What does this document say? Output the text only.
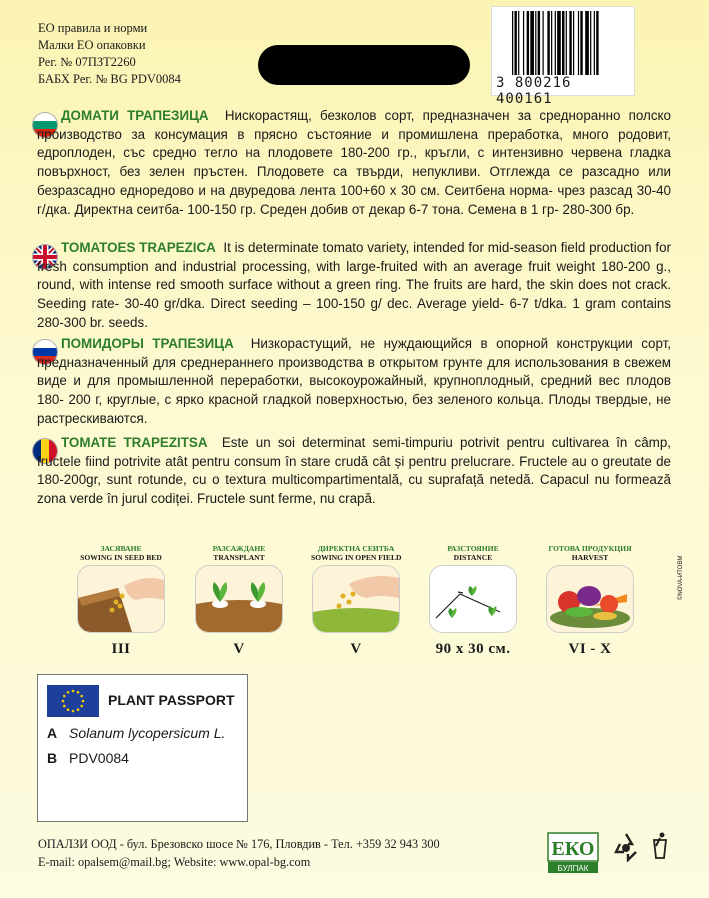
ЕО правила и норми
Малки ЕО опаковки
Рег. № 07ПЗТ2260
БАБХ Рег. № BG PDV0084	3 800216 400161
ДОМАТИ ТРАПЕЗИЦА Нискорастящ, безколов сорт, предназначен за средноранно полско производство за консумация в прясно състояние и промишлена преработка, много родовит, едроплоден, със средно тегло на плодовете 180-200 гр., кръгли, с интензивно червена гладка повърхност, без зелен пръстен. Плодовете са твърди, непукливи. Отглежда се разсадно или безразсадно едноредово и на двуредова лента 100+60 х 30 см. Сеитбена норма- чрез разсад 30-40 г/дка. Директна сеитба- 100-150 гр. Среден добив от декар 6-7 тона. Семена в 1 гр- 280-300 бр.
TOMATOES TRAPEZICA It is determinate tomato variety, intended for mid-season field production for fresh consumption and industrial processing, with large-fruited with an average fruit weight 180-200 g., round, with intense red smooth surface without a green ring. The fruits are hard, the skin does not crack. Seeding rate- 30-40 gr/dka. Direct seeding – 100-150 g/ dec. Average yield- 6-7 t/dka. 1 gram contains 280-300 br. seeds.
ПОМИДОРЫ ТРАПЕЗИЦА Низкорастущий, не нуждающийся в опорной конструкции сорт, предназначенный для среднераннего производства в открытом грунте для использования в свежем виде и для промышленной переработки, высокоурожайный, крупноплодный, средний вес плодов 180- 200 г, круглые, с ярко красной гладкой поверхностью, без зеленого кольца. Плоды твердые, не растрескиваются.
TOMATE TRAPEZITSA Este un soi determinat semi-timpuriu potrivit pentru cultivarea în câmp, fructele fiind potrivite atât pentru consum în stare crudă cât și pentru prelucrare. Fructele au o greutate de 180-200gr, sunt rotunde, cu o textura multicompartimentală, cu suprafață netedă. Capacul nu formează zona verde în jurul codiței. Fructele sunt ferme, nu crapă.
ЗАСЯВАНЕ
SOWING IN SEED BED
III
РАЗСАЖДАНЕ
TRANSPLANT
V
ДИРЕКТНА СЕИТБА
SOWING IN OPEN FIELD
V
РАЗСТОЯНИЕ
DISTANCE
90 х 30 см.
ГОТОВА ПРОДУКЦИЯ
HARVEST
VI - X
©NOVA-ИТОВМ
PLANT PASSPORT
A Solanum lycopersicum L.
B PDV0084
ОПАЛЗИ ООД - бул. Брезовско шосе № 176, Пловдив - Тел. +359 32 943 300
E-mail: opalsem@mail.bg; Website: www.opal-bg.com
ЕКО
БУЛПАК
